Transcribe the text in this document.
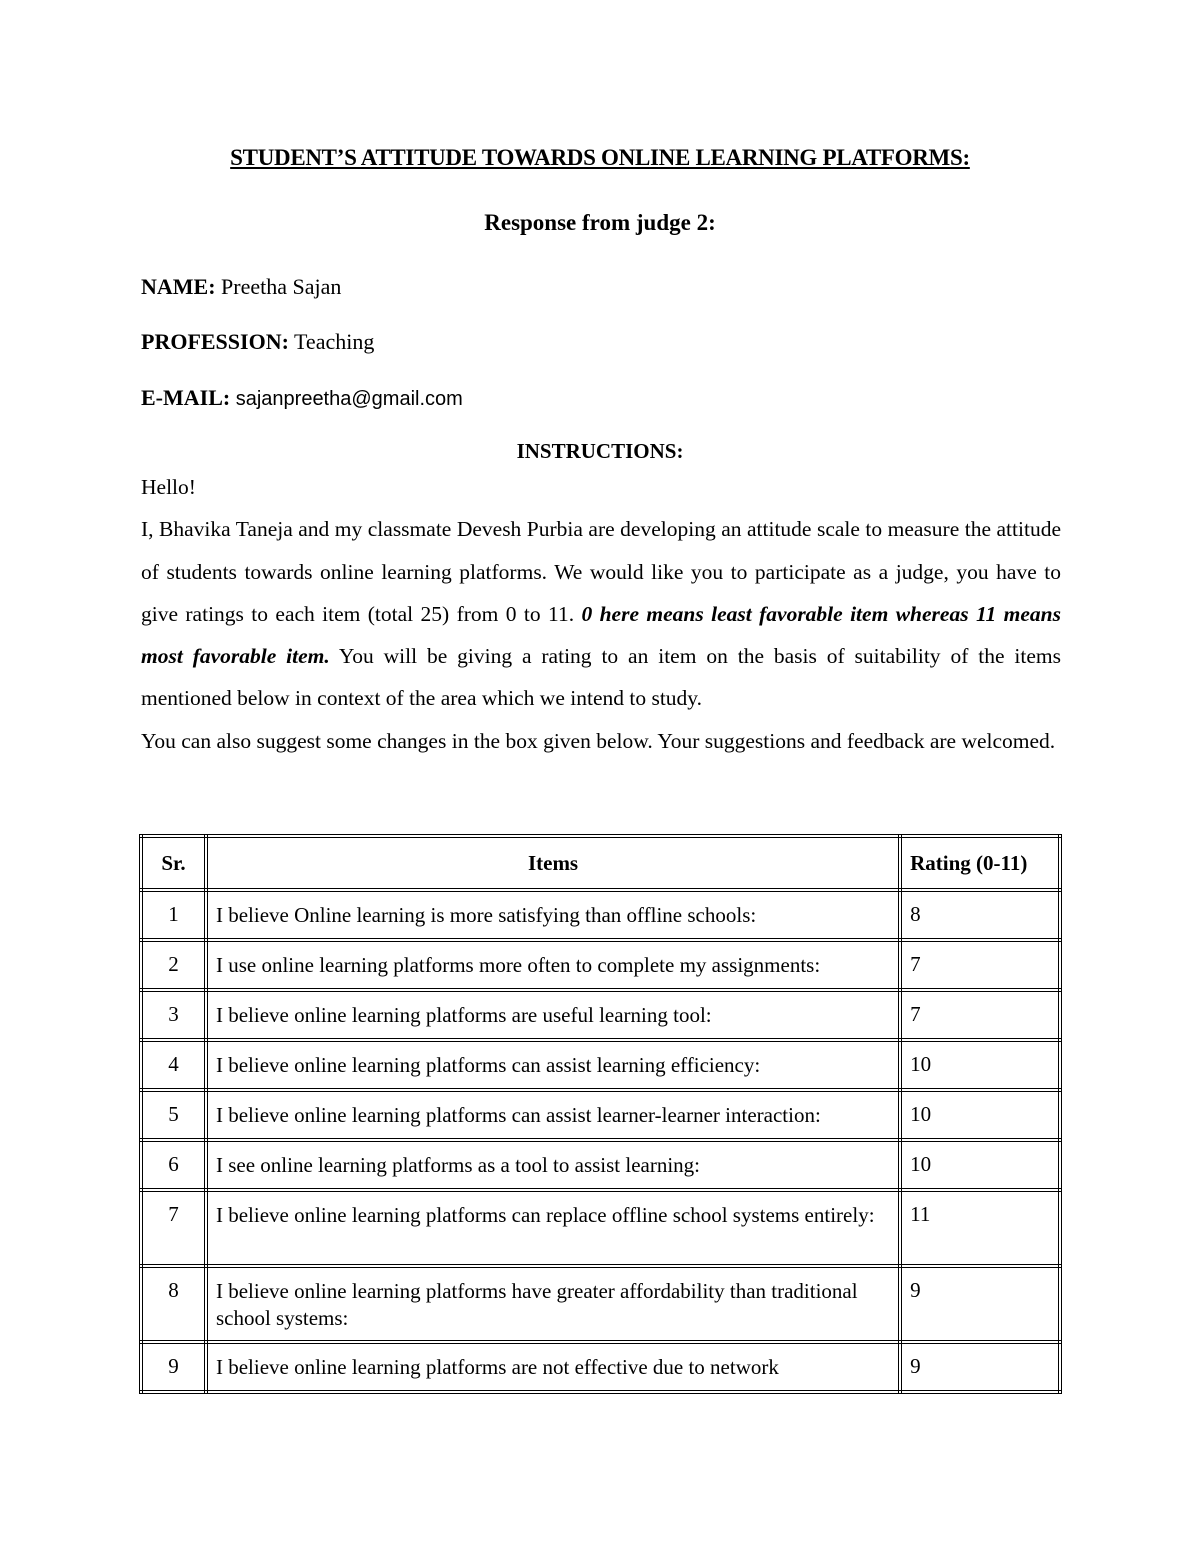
STUDENT’S ATTITUDE TOWARDS ONLINE LEARNING PLATFORMS:
Response from judge 2:
NAME: Preetha Sajan
PROFESSION: Teaching
E-MAIL: sajanpreetha@gmail.com
INSTRUCTIONS:

Hello!

I, Bhavika Taneja and my classmate Devesh Purbia are developing an attitude scale to measure the attitude of students towards online learning platforms. We would like you to participate as a judge, you have to give ratings to each item (total 25) from 0 to 11. 0 here means least favorable item whereas 11 means most favorable item. You will be giving a rating to an item on the basis of suitability of the items mentioned below in context of the area which we intend to study.

You can also suggest some changes in the box given below. Your suggestions and feedback are welcomed.

Sr.	Items	Rating (0-11)
1	I believe Online learning is more satisfying than offline schools:	8
2	I use online learning platforms more often to complete my assignments:	7
3	I believe online learning platforms are useful learning tool:	7
4	I believe online learning platforms can assist learning efficiency:	10
5	I believe online learning platforms can assist learner-learner interaction:	10
6	I see online learning platforms as a tool to assist learning:	10
7	I believe online learning platforms can replace offline school systems entirely:	11
8	I believe online learning platforms have greater affordability than traditional school systems:	9
9	I believe online learning platforms are not effective due to network	9
